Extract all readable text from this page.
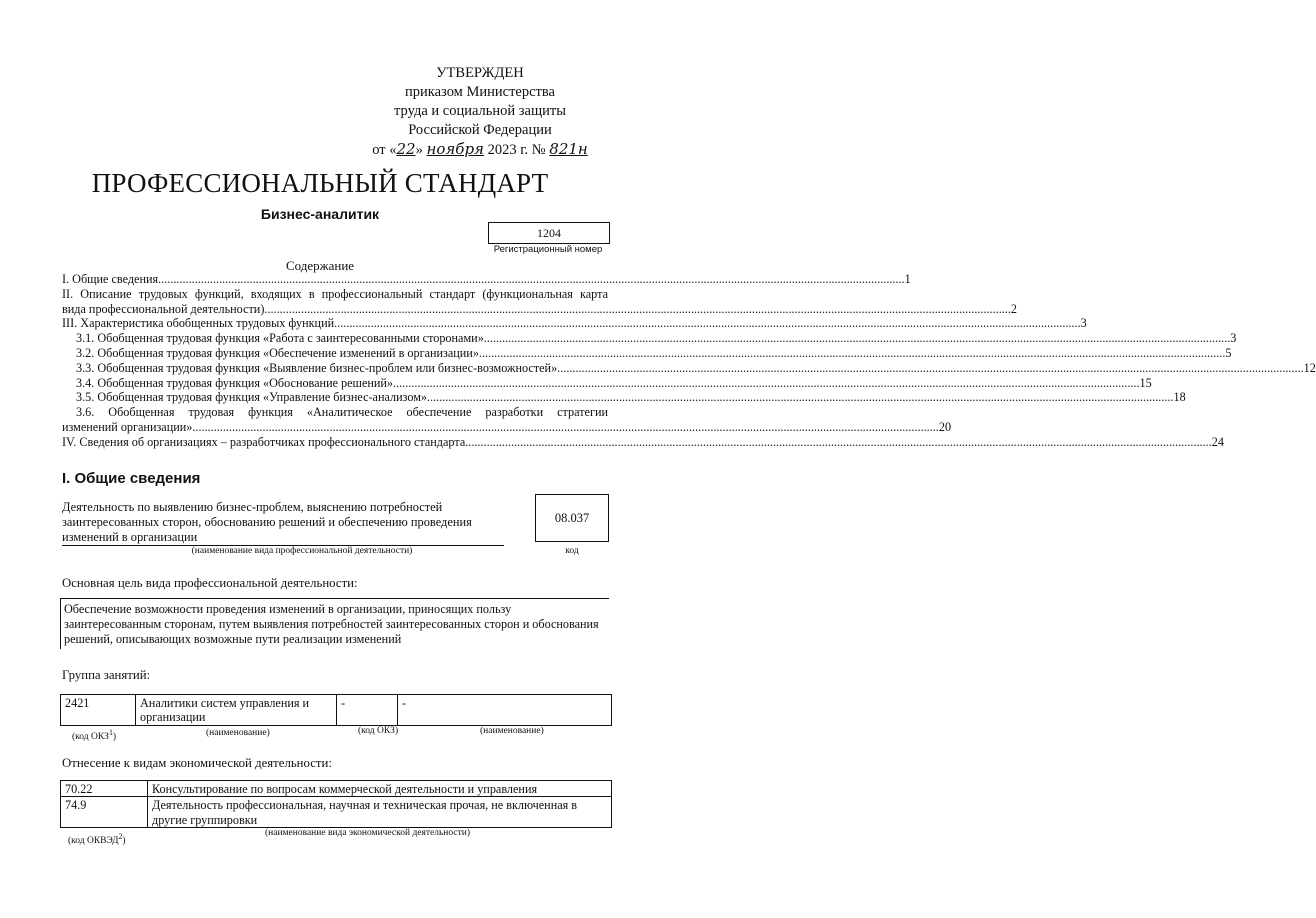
УТВЕРЖДЕН
приказом Министерства
труда и социальной защиты
Российской Федерации
от «22» ноября 2023 г. № 821н
ПРОФЕССИОНАЛЬНЫЙ СТАНДАРТ
Бизнес-аналитик
1204
Регистрационный номер
Содержание
I. Общие сведения .....	1
II. Описание трудовых функций, входящих в профессиональный стандарт (функциональная карта
вида профессиональной деятельности) .....	2
III. Характеристика обобщенных трудовых функций .....	3
3.1. Обобщенная трудовая функция «Работа с заинтересованными сторонами» .....	3
3.2. Обобщенная трудовая функция «Обеспечение изменений в организации» .....	5
3.3. Обобщенная трудовая функция «Выявление бизнес-проблем или бизнес-возможностей» .....	12
3.4. Обобщенная трудовая функция «Обоснование решений» .....	15
3.5. Обобщенная трудовая функция «Управление бизнес-анализом» .....	18
3.6. Обобщенная трудовая функция «Аналитическое обеспечение разработки стратегии
изменений организации» .....	20
IV. Сведения об организациях – разработчиках профессионального стандарта .....	24
I. Общие сведения
Деятельность по выявлению бизнес-проблем, выяснению потребностей заинтересованных сторон, обоснованию решений и обеспечению проведения изменений в организации
(наименование вида профессиональной деятельности)
08.037
код
Основная цель вида профессиональной деятельности:
Обеспечение возможности проведения изменений в организации, приносящих пользу заинтересованным сторонам, путем выявления потребностей заинтересованных сторон и обоснования решений, описывающих возможные пути реализации изменений
Группа занятий:
2421	Аналитики систем управления и организации	-	-
(код ОКЗ$^1$)	(наименование)	(код ОКЗ)	(наименование)
Отнесение к видам экономической деятельности:
70.22	Консультирование по вопросам коммерческой деятельности и управления
74.9	Деятельность профессиональная, научная и техническая прочая, не включенная в другие группировки
(код ОКВЭД$^2$)
(наименование вида экономической деятельности)
